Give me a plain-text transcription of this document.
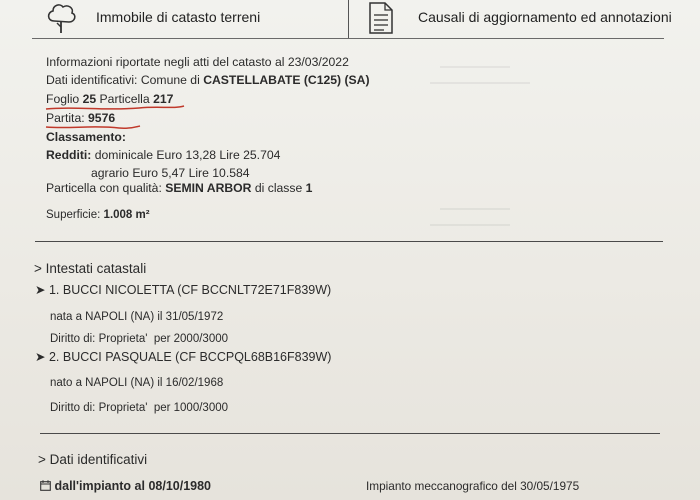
Immobile di catasto terreni	Causali di aggiornamento ed annotazioni
Informazioni riportate negli atti del catasto al 23/03/2022
Dati identificativi: Comune di CASTELLABATE (C125) (SA)
Foglio 25 Particella 217
Partita: 9576
Classamento:
Redditi: dominicale Euro 13,28 Lire 25.704
agrario Euro 5,47 Lire 10.584
Particella con qualità: SEMIN ARBOR di classe 1
Superficie: 1.008 m²
> Intestati catastali
➤ 1. BUCCI NICOLETTA (CF BCCNLT72E71F839W)
nata a NAPOLI (NA) il 31/05/1972
Diritto di: Proprieta' per 2000/3000
➤ 2. BUCCI PASQUALE (CF BCCPQL68B16F839W)
nato a NAPOLI (NA) il 16/02/1968
Diritto di: Proprieta' per 1000/3000
> Dati identificativi
dall'impianto al 08/10/1980	Impianto meccanografico del 30/05/1975
